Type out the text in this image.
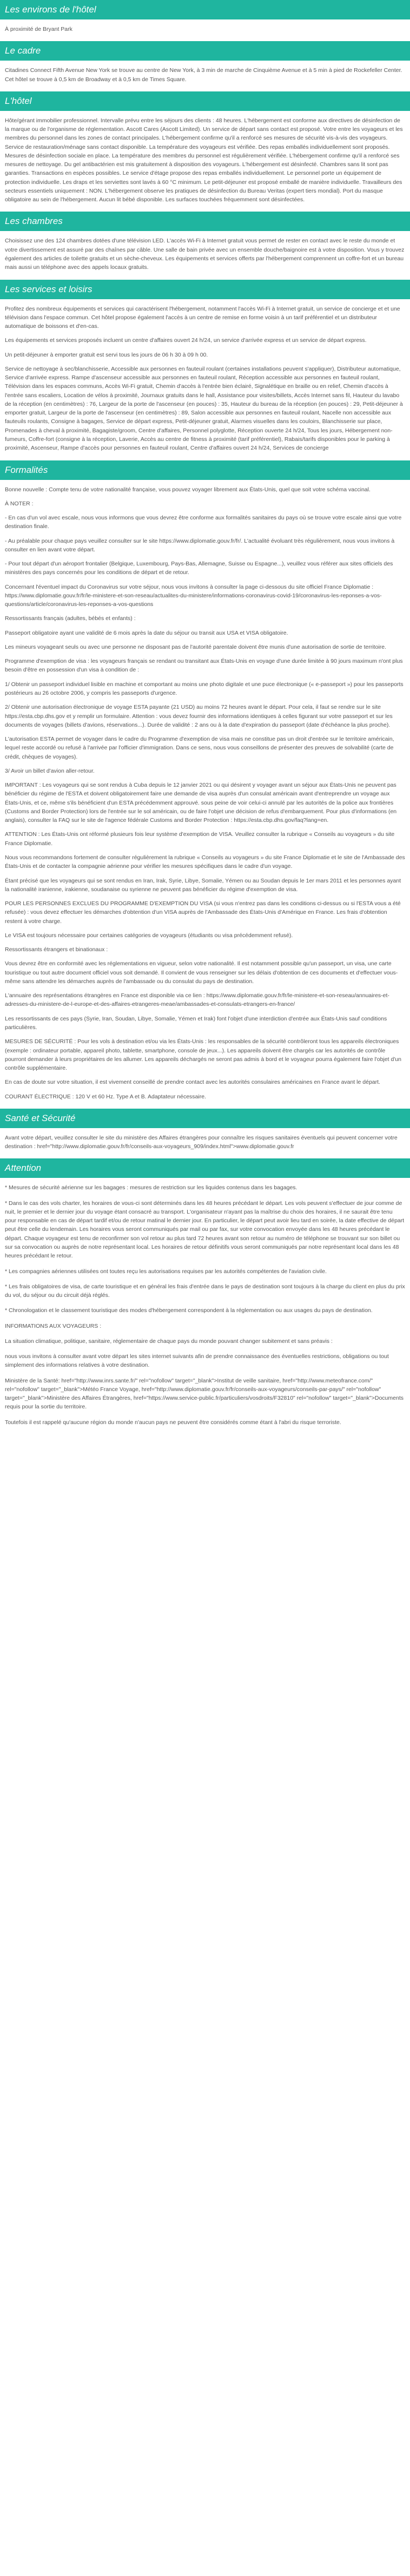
Les environs de l'hôtel

À proximité de Bryant Park

Le cadre

Citadines Connect Fifth Avenue New York se trouve au centre de New York, à 3 min de marche de Cinquième Avenue et à 5 min à pied de Rockefeller Center. Cet hôtel se trouve à 0,5 km de Broadway et à 0,5 km de Times Square.

L'hôtel

Hôte/gérant immobilier professionnel. Intervalle prévu entre les séjours des clients : 48 heures. L'hébergement est conforme aux directives de désinfection de la marque ou de l'organisme de réglementation. Ascott Cares (Ascott Limited). Un service de départ sans contact est proposé. Votre entre les voyageurs et les membres du personnel dans les zones de contact principales. L'hébergement confirme qu'il a renforcé ses mesures de sécurité vis-à-vis des voyageurs. Service de restauration/ménage sans contact disponible. La température des voyageurs est vérifiée. Des repas emballés individuellement sont proposés. Mesures de désinfection sociale en place. La température des membres du personnel est régulièrement vérifiée. L'hébergement confirme qu'il a renforcé ses mesures de nettoyage. Du gel antibactérien est mis gratuitement à disposition des voyageurs. L'hébergement est désinfecté. Chambres sans lit sont pas garanties. Transactions en espèces possibles. Le service d'étage propose des repas emballés individuellement. Le personnel porte un équipement de protection individuelle. Les draps et les serviettes sont lavés à 60 °C minimum. Le petit-déjeuner est proposé emballé de manière individuelle. Travailleurs des secteurs essentiels uniquement : NON. L'hébergement observe les pratiques de désinfection du Bureau Veritas (expert tiers mondial). Port du masque obligatoire au sein de l'hébergement. Aucun lit bébé disponible. Les surfaces touchées fréquemment sont désinfectées.

Les chambres

Choisissez une des 124 chambres dotées d'une télévision LED. L'accès Wi-Fi à Internet gratuit vous permet de rester en contact avec le reste du monde et votre divertissement est assuré par des chaînes par câble. Une salle de bain privée avec un ensemble douche/baignoire est à votre disposition. Vous y trouvez également des articles de toilette gratuits et un sèche-cheveux. Les équipements et services offerts par l'hébergement comprennent un coffre-fort et un bureau mais aussi un téléphone avec des appels locaux gratuits.

Les services et loisirs

Profitez des nombreux équipements et services qui caractérisent l'hébergement, notamment l'accès Wi-Fi à Internet gratuit, un service de concierge et et une télévision dans l'espace commun. Cet hôtel propose également l'accès à un centre de remise en forme voisin à un tarif préférentiel et un distributeur automatique de boissons et d'en-cas.

Les équipements et services proposés incluent un centre d'affaires ouvert 24 h/24, un service d'arrivée express et un service de départ express.

Un petit-déjeuner à emporter gratuit est servi tous les jours de 06 h 30 à 09 h 00.

Service de nettoyage à sec/blanchisserie, Accessible aux personnes en fauteuil roulant (certaines installations peuvent s'appliquer), Distributeur automatique, Service d'arrivée express. Rampe d'ascenseur accessible aux personnes en fauteuil roulant, Réception accessible aux personnes en fauteuil roulant, Télévision dans les espaces communs, Accès Wi-Fi gratuit, Chemin d'accès à l'entrée bien éclairé, Signalétique en braille ou en relief, Chemin d'accès à l'entrée sans escaliers, Location de vélos à proximité, Journaux gratuits dans le hall, Assistance pour visites/billets, Accès Internet sans fil, Hauteur du lavabo de la réception (en centimètres) : 76, Largeur de la porte de l'ascenseur (en pouces) : 35, Hauteur du bureau de la réception (en pouces) : 29, Petit-déjeuner à emporter gratuit, Largeur de la porte de l'ascenseur (en centimètres) : 89, Salon accessible aux personnes en fauteuil roulant, Nacelle non accessible aux fauteuils roulants, Consigne à bagages, Service de départ express, Petit-déjeuner gratuit, Alarmes visuelles dans les couloirs, Blanchisserie sur place, Promenades à cheval à proximité, Bagagiste/groom, Centre d'affaires, Personnel polyglotte, Réception ouverte 24 h/24, Tous les jours, Hébergement non-fumeurs, Coffre-fort (consigne à la réception, Laverie, Accès au centre de fitness à proximité (tarif préférentiel), Rabais/tarifs disponibles pour le parking à proximité, Ascenseur, Rampe d'accès pour personnes en fauteuil roulant, Centre d'affaires ouvert 24 h/24, Services de concierge

Formalités

Bonne nouvelle : Compte tenu de votre nationalité française, vous pouvez voyager librement aux États-Unis, quel que soit votre schéma vaccinal.

À NOTER :

- En cas d'un vol avec escale, nous vous informons que vous devrez être conforme aux formalités sanitaires du pays où se trouve votre escale ainsi que votre destination finale.

- Au préalable pour chaque pays veuillez consulter sur le site https://www.diplomatie.gouv.fr/fr/. L'actualité évoluant très régulièrement, nous vous invitons à consulter en lien avant votre départ.

- Pour tout départ d'un aéroport frontalier (Belgique, Luxembourg, Pays-Bas, Allemagne, Suisse ou Espagne...), veuillez vous référer aux sites officiels des ministères des pays concernés pour les conditions de départ et de retour.

Concernant l'éventuel impact du Coronavirus sur votre séjour, nous vous invitons à consulter la page ci-dessous du site officiel France Diplomatie : https://www.diplomatie.gouv.fr/fr/le-ministere-et-son-reseau/actualites-du-ministere/informations-coronavirus-covid-19/coronavirus-les-reponses-a-vos-questions/article/coronavirus-les-reponses-a-vos-questions

Ressortissants français (adultes, bébés et enfants) :

Passeport obligatoire ayant une validité de 6 mois après la date du séjour ou transit aux USA et VISA obligatoire.

Les mineurs voyageant seuls ou avec une personne ne disposant pas de l'autorité parentale doivent être munis d'une autorisation de sortie de territoire.

Programme d'exemption de visa : les voyageurs français se rendant ou transitant aux États-Unis en voyage d'une durée limitée à 90 jours maximum n'ont plus besoin d'être en possession d'un visa à condition de :

1/ Obtenir un passeport individuel lisible en machine et comportant au moins une photo digitale et une puce électronique (« e-passeport ») pour les passeports postérieurs au 26 octobre 2006, y compris les passeports d'urgence.

2/ Obtenir une autorisation électronique de voyage ESTA payante (21 USD) au moins 72 heures avant le départ. Pour cela, il faut se rendre sur le site https://esta.cbp.dhs.gov et y remplir un formulaire. Attention : vous devez fournir des informations identiques à celles figurant sur votre passeport et sur les documents de voyages (billets d'avions, réservations...). Durée de validité : 2 ans ou à la date d'expiration du passeport (date d'échéance la plus proche).

L'autorisation ESTA permet de voyager dans le cadre du Programme d'exemption de visa mais ne constitue pas un droit d'entrée sur le territoire américain, lequel reste accordé ou refusé à l'arrivée par l'officier d'immigration. Dans ce sens, nous vous conseillons de présenter des preuves de solvabilité (carte de crédit, chèques de voyages).

3/ Avoir un billet d'avion aller-retour.

IMPORTANT : Les voyageurs qui se sont rendus à Cuba depuis le 12 janvier 2021 ou qui désirent y voyager avant un séjour aux États-Unis ne peuvent pas bénéficier du régime de l'ESTA et doivent obligatoirement faire une demande de visa auprès d'un consulat américain avant d'entreprendre un voyage aux États-Unis, et ce, même s'ils bénéficient d'un ESTA précédemment approuvé. sous peine de voir celui-ci annulé par les autorités de la police aux frontières (Customs and Border Protection) lors de l'entrée sur le sol américain, ou de faire l'objet une décision de refus d'embarquement. Pour plus d'informations (en anglais), consulter la FAQ sur le site de l'agence fédérale Customs and Border Protection : https://esta.cbp.dhs.gov/faq?lang=en.

ATTENTION : Les États-Unis ont réformé plusieurs fois leur système d'exemption de VISA. Veuillez consulter la rubrique « Conseils au voyageurs » du site France Diplomatie.

Nous vous recommandons fortement de consulter régulièrement la rubrique « Conseils au voyageurs » du site France Diplomatie et le site de l'Ambassade des États-Unis et de contacter la compagnie aérienne pour vérifier les mesures spécifiques dans le cadre d'un voyage.

Étant précisé que les voyageurs qui se sont rendus en Iran, Irak, Syrie, Libye, Somalie, Yémen ou au Soudan depuis le 1er mars 2011 et les personnes ayant la nationalité iranienne, irakienne, soudanaise ou syrienne ne peuvent pas bénéficier du régime d'exemption de visa.

POUR LES PERSONNES EXCLUES DU PROGRAMME D'EXEMPTION DU VISA (si vous n'entrez pas dans les conditions ci-dessus ou si l'ESTA vous a été refusée) : vous devez effectuer les démarches d'obtention d'un VISA auprès de l'Ambassade des États-Unis d'Amérique en France. Les frais d'obtention restent à votre charge.

Le VISA est toujours nécessaire pour certaines catégories de voyageurs (étudiants ou visa précédemment refusé).

Ressortissants étrangers et binationaux :

Vous devrez être en conformité avec les réglementations en vigueur, selon votre nationalité. Il est notamment possible qu'un passeport, un visa, une carte touristique ou tout autre document officiel vous soit demandé. Il convient de vous renseigner sur les délais d'obtention de ces documents et d'effectuer vous-même sans attendre les démarches auprès de l'ambassade ou du consulat du pays de destination.

L'annuaire des représentations étrangères en France est disponible via ce lien : https://www.diplomatie.gouv.fr/fr/le-ministere-et-son-reseau/annuaires-et-adresses-du-ministere-de-l-europe-et-des-affaires-etrangeres-meae/ambassades-et-consulats-etrangers-en-france/

Les ressortissants de ces pays (Syrie, Iran, Soudan, Libye, Somalie, Yémen et Irak) font l'objet d'une interdiction d'entrée aux États-Unis sauf conditions particulières.

MESURES DE SÉCURITÉ : Pour les vols à destination et/ou via les États-Unis : les responsables de la sécurité contrôleront tous les appareils électroniques (exemple : ordinateur portable, appareil photo, tablette, smartphone, console de jeux...). Les appareils doivent être chargés car les autorités de contrôle pourront demander à leurs propriétaires de les allumer. Les appareils déchargés ne seront pas admis à bord et le voyageur pourra également faire l'objet d'un contrôle supplémentaire.

En cas de doute sur votre situation, il est vivement conseillé de prendre contact avec les autorités consulaires américaines en France avant le départ.

COURANT ÉLECTRIQUE : 120 V et 60 Hz. Type A et B. Adaptateur nécessaire.

Santé et Sécurité

Avant votre départ, veuillez consulter le site du ministère des Affaires étrangères pour connaître les risques sanitaires éventuels qui peuvent concerner votre destination : href="http://www.diplomatie.gouv.fr/fr/conseils-aux-voyageurs_909/index.html">www.diplomatie.gouv.fr

Attention

* Mesures de sécurité aérienne sur les bagages : mesures de restriction sur les liquides contenus dans les bagages.

* Dans le cas des vols charter, les horaires de vous-ci sont déterminés dans les 48 heures précédant le départ. Les vols peuvent s'effectuer de jour comme de nuit, le premier et le dernier jour du voyage étant consacré au transport. L'organisateur n'ayant pas la maîtrise du choix des horaires, il ne saurait être tenu pour responsable en cas de départ tardif et/ou de retour matinal le dernier jour. En particulier, le départ peut avoir lieu tard en soirée, la date effective de départ peut être celle du lendemain. Les horaires vous seront communiqués par mail ou par fax, sur votre convocation envoyée dans les 48 heures précédant le départ. Chaque voyageur est tenu de reconfirmer son vol retour au plus tard 72 heures avant son retour au numéro de téléphone se trouvant sur son billet ou sur sa convocation ou auprès de notre représentant local. Les horaires de retour définitifs vous seront communiqués par notre représentant local dans les 48 heures précédant le retour.

* Les compagnies aériennes utilisées ont toutes reçu les autorisations requises par les autorités compétentes de l'aviation civile.

* Les frais obligatoires de visa, de carte touristique et en général les frais d'entrée dans le pays de destination sont toujours à la charge du client en plus du prix du vol, du séjour ou du circuit déjà réglés.

* Chronologation et le classement touristique des modes d'hébergement correspondent à la réglementation ou aux usages du pays de destination.

INFORMATIONS AUX VOYAGEURS :

La situation climatique, politique, sanitaire, réglementaire de chaque pays du monde pouvant changer subitement et sans préavis :

nous vous invitons à consulter avant votre départ les sites internet suivants afin de prendre connaissance des éventuelles restrictions, obligations ou tout simplement des informations relatives à votre destination.

Ministère de la Santé: href="http://www.inrs.sante.fr/" rel="nofollow" target="_blank">Institut de veille sanitaire, href="http://www.meteofrance.com/" rel="nofollow" target="_blank">Météo France Voyage, href="http://www.diplomatie.gouv.fr/fr/conseils-aux-voyageurs/conseils-par-pays/" rel="nofollow" target="_blank">Ministère des Affaires Étrangères, href="https://www.service-public.fr/particuliers/vosdroits/F32810" rel="nofollow" target="_blank">Documents requis pour la sortie du territoire.

Toutefois il est rappelé qu'aucune région du monde n'aucun pays ne peuvent être considérés comme étant à l'abri du risque terroriste.
